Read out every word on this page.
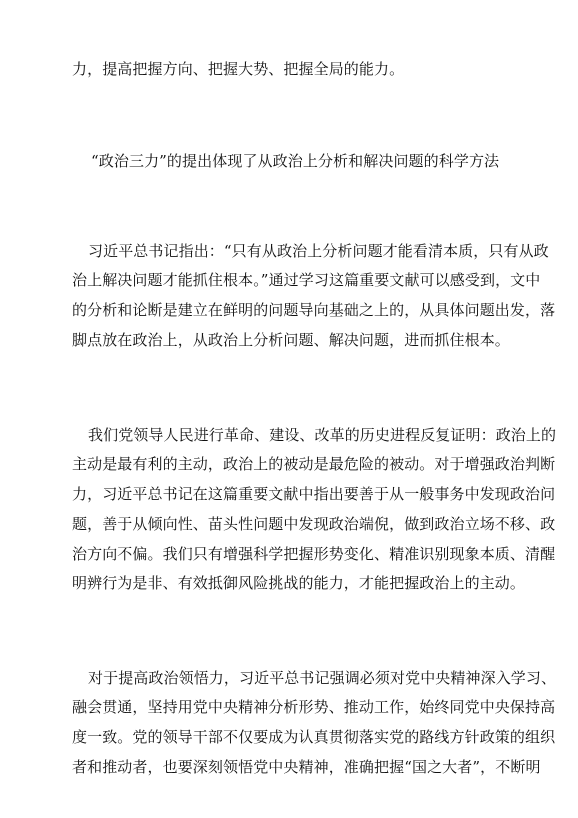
力，提高把握方向、把握大势、把握全局的能力。
“政治三力”的提出体现了从政治上分析和解决问题的科学方法
习近平总书记指出：“只有从政治上分析问题才能看清本质，只有从政
治上解决问题才能抓住根本。”通过学习这篇重要文献可以感受到，文中
的分析和论断是建立在鲜明的问题导向基础之上的，从具体问题出发，落
脚点放在政治上，从政治上分析问题、解决问题，进而抓住根本。
我们党领导人民进行革命、建设、改革的历史进程反复证明：政治上的
主动是最有利的主动，政治上的被动是最危险的被动。对于增强政治判断
力，习近平总书记在这篇重要文献中指出要善于从一般事务中发现政治问
题，善于从倾向性、苗头性问题中发现政治端倪，做到政治立场不移、政
治方向不偏。我们只有增强科学把握形势变化、精准识别现象本质、清醒
明辨行为是非、有效抵御风险挑战的能力，才能把握政治上的主动。
对于提高政治领悟力，习近平总书记强调必须对党中央精神深入学习、
融会贯通，坚持用党中央精神分析形势、推动工作，始终同党中央保持高
度一致。党的领导干部不仅要成为认真贯彻落实党的路线方针政策的组织
者和推动者，也要深刻领悟党中央精神，准确把握“国之大者”，不断明
